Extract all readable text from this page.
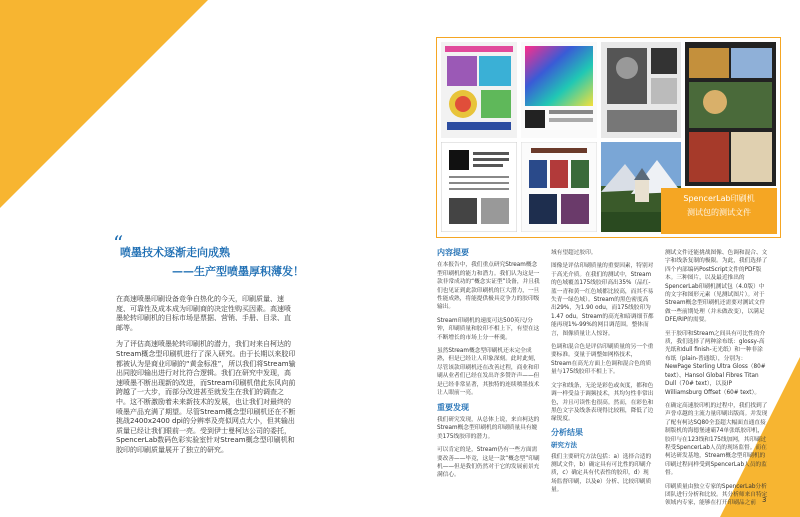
“
喷墨技术逐渐走向成熟
——生产型喷墨厚积薄发！

在高速喷墨印刷设备竞争白热化的今天，印刷质量、速度、可靠性及成本成为印刷商的决定性购买因素。高速喷墨轮转印刷机的目标市场是票据、营销、手册、目录、直邮等。

为了评估高速喷墨轮转印刷机的潜力，我们对来自柯达的Stream概念型印刷机进行了深入研究。由于长期以来胶印都被认为是商业印刷的“黄金标准”，所以我们将Stream输出同胶印输出进行对比符合逻辑。我们在研究中发现，高速喷墨不断出现新的改进，而Stream印刷机借此东风向前跨越了一大步，而部分改进甚至就发生在我们的调查之中。这不断激励着未来新技术的发展，也让我们对最终的喷墨产品充满了期望。尽管Stream概念型印刷机还在不断挑战2400x2400 dpi的分辨率及亮似网点大小，但其输出质量已经让我们眼前一亮。受到伊士曼柯达公司的委托，SpencerLab数码色彩实验室针对Stream概念型印刷机和胶印的印刷质量展开了独立的研究。

SpencerLab印刷机
测试包的测试文件
内容提要

在本报告中，我们重点研究Stream概念型印刷机的能力和潜力。我们认为这是一款非常成功的“概念实证型”设备，并且我们也见证到此款印刷机的巨大潜力，一旦性能成熟，将能提供极具竞争力的胶印级输出。

Stream印刷机的速度可达500英尺/分钟，印刷质量和胶印不相上下，有望在这不断增长的市场上分一杯羹。

虽然Stream概念型印刷机还未完全成熟，但是已经让人印象深刻。此时此刻，尽管该款印刷机还在改善过程，商业和印刷从业者们已经在发出许多赞许声——但是已经非常显著，其独特的连续喷墨技术让人眼前一亮。

重要发现

我们研究发现，从总体上说，来自柯达的Stream概念型印刷机的印刷质量具有媲美175线胶印的潜力。

可以肯定的是，Stream仍有一些方面需要改善——毕竟，这是一款“概念型”印刷机——但是我们仍然对于它的发展前景充满信心。

域有望超过胶印。

图像是评估印刷质量的重要因素，特别对于高光介质。在我们的测试中，Stream的色域覆盖175线胶印高出35%（品红-蓝一青和黄一红色域都比较高，而其不易失青一绿色域）。Stream的黑色密度高出29%，为1.90 odu，而175线胶印为1.47 odu。Stream的高光和暗调细节都能再现1%-99%的网目调范围。整体而言，图像质量让人惊讶。

色调和混合色是评估印刷质量的另一个重要标准。变量于调整如网格技术，Stream在高光方面上色调和混合色的质量与175线胶印不相上下。

文字和线条，无论是彩色或灰度，都和色调一样受益于调频技术，其均匀性非常出色，并且可读性也很高。然而，在彩色和黑色文字及线条表现得比较粗，降低了边缘锐度。

分析结果
研究方法

我们主要研究方法包括：a）选择合适的测试文件，b）确定具有可比性的印刷介质，c）确定具有代表性的胶印，d）现场监督印刷，以及e）分析、比较印刷质量。

测试文件还能挑战图像、色调和混合、文字和线条复制的极限。为此，我们选择了四个内部编码PostScript文件的PDF版本。三种图片，以及最近推出的SpencerLab印刷机测试包（4.0版）中的文字和图形元素（见测试图片）。对于Stream概念型印刷机还需要对测试文件做一些前期处理（并未做改变），以满足DFE/RIP的需要。

至于胶印和Stream之间具有可比性的介质，我们选择了两种涂布纸：glossy-高光纸和dull finish-无光纸）和一种非涂布纸（plain-普通纸），分别为：NewPage Sterling Ultra Gloss（80# text）、Hansol Global Fibres Titan Dull（70# text），以及IP Williamsburg Offset（60# text）。

在确定高速胶印机的过程中，我们找到了声誉卓越的主流力量印刷出版商。并发现了配有柯达SQ80全套超大幅面直通直接制版机的海德堡速霸74单张纸胶印机，胶印与在123线和175线加网，其印刷过程受SpencerLab人员的现场监督。而在柯达研发基地，Stream概念型印刷机的印刷过程同样受到SpencerLab人员的监督。

印刷质量由独立专家的SpencerLab分析团队进行分析和比较。其分析师来自特定领域内专家，能够在打开印刷品之前 3
